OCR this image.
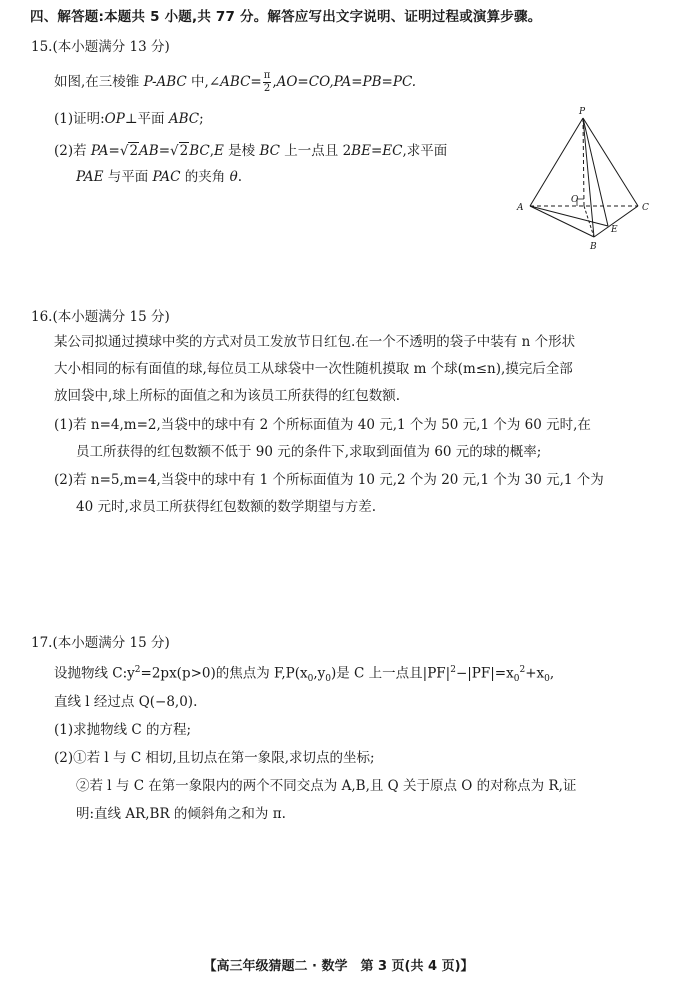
四、解答题:本题共 5 小题,共 77 分。解答应写出文字说明、证明过程或演算步骤。
15.(本小题满分 13 分)
如图,在三棱锥 P-ABC 中,∠ABC= $\frac{\pi}{2} ,AO=CO,PA=PB=PC$.
(1)证明:OP⊥平面 ABC;
(2)若 PA=√2AB=√2BC,E 是棱 BC 上一点且 2BE=EC,求平面
PAE 与平面 PAC 的夹角 θ.
P
A	C
B
O
E
16.(本小题满分 15 分)
某公司拟通过摸球中奖的方式对员工发放节日红包.在一个不透明的袋子中装有 n 个形状
大小相同的标有面值的球,每位员工从球袋中一次性随机摸取 m 个球(m≤n),摸完后全部
放回袋中,球上所标的面值之和为该员工所获得的红包数额.
(1)若 n=4,m=2,当袋中的球中有 2 个所标面值为 40 元,1 个为 50 元,1 个为 60 元时,在
员工所获得的红包数额不低于 90 元的条件下,求取到面值为 60 元的球的概率;
(2)若 n=5,m=4,当袋中的球中有 1 个所标面值为 10 元,2 个为 20 元,1 个为 30 元,1 个为
40 元时,求员工所获得红包数额的数学期望与方差.
17.(本小题满分 15 分)
设抛物线 $C:y^2=2px(p>0)$的焦点为 $F,P(x_0,y_0)$是 C 上一点且$|PF|^2-|PF|=x_0^2+x_0$,
直线 l 经过点 Q(−8,0).
(1)求抛物线 C 的方程;
(2)①若 l 与 C 相切,且切点在第一象限,求切点的坐标;
②若 l 与 C 在第一象限内的两个不同交点为 A,B,且 Q 关于原点 O 的对称点为 R,证
明:直线 AR,BR 的倾斜角之和为 π.
【高三年级猜题二 · 数学　第 3 页(共 4 页)】
